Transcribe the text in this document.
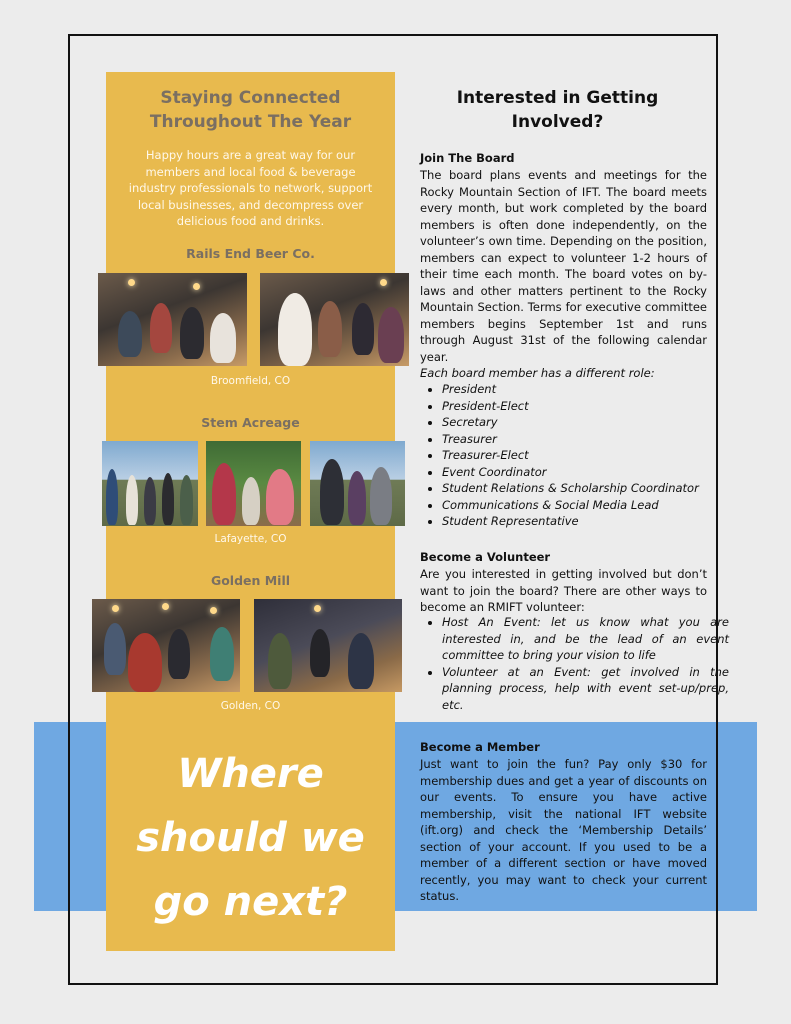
Staying Connected Throughout The Year
Happy hours are a great way for our members and local food & beverage industry professionals to network, support local businesses, and decompress over delicious food and drinks.
Rails End Beer Co.
Broomfield, CO
Stem Acreage
Lafayette, CO
Golden Mill
Golden, CO
Where should we go next?
Interested in Getting Involved?
Join The Board
The board plans events and meetings for the Rocky Mountain Section of IFT. The board meets every month, but work completed by the board members is often done independently, on the volunteer’s own time. Depending on the position, members can expect to volunteer 1-2 hours of their time each month. The board votes on by-laws and other matters pertinent to the Rocky Mountain Section. Terms for executive committee members begins September 1st and runs through August 31st of the following calendar year.
Each board member has a different role:
• President
• President-Elect
• Secretary
• Treasurer
• Treasurer-Elect
• Event Coordinator
• Student Relations & Scholarship Coordinator
• Communications & Social Media Lead
• Student Representative
Become a Volunteer
Are you interested in getting involved but don’t want to join the board? There are other ways to become an RMIFT volunteer:
• Host An Event: let us know what you are interested in, and be the lead of an event committee to bring your vision to life
• Volunteer at an Event: get involved in the planning process, help with event set-up/prep, etc.
Become a Member
Just want to join the fun? Pay only $30 for membership dues and get a year of discounts on our events. To ensure you have active membership, visit the national IFT website (ift.org) and check the ‘Membership Details’ section of your account. If you used to be a member of a different section or have moved recently, you may want to check your current status.
